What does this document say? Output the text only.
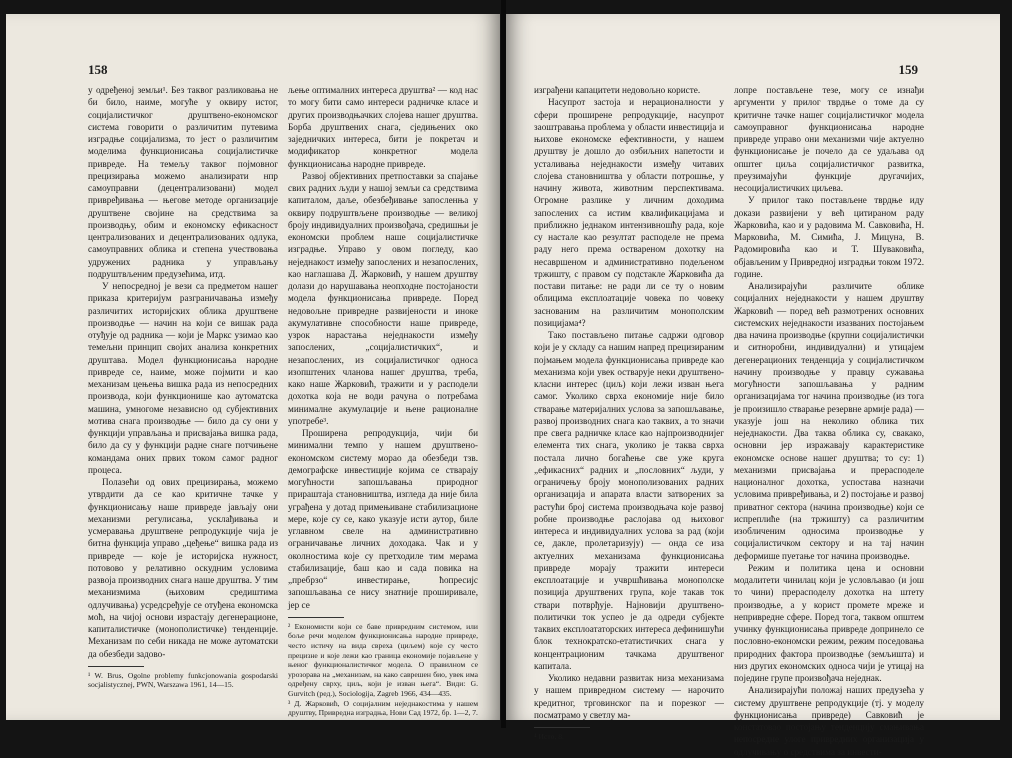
158

у одређеној земљи¹. Без таквог разликовања не би било, наиме, могуће у оквиру истог, социјалистичког друштвено-економског система говорити о различитим путевима изградње социјализма, то јест о различитим моделима функционисања социјалистичке привреде. На темељу таквог појмовног прецизирања можемо анализирати нпр самоуправни (децентрализовани) модел привређивања — његове методе организације друштвене својине на средствима за производњу, обим и економску ефикасност централизованих и децентрализованих одлука, самоуправних облика и степена учествовања удружених радника у управљању подруштвљеним предузећима, итд.

У непосредној је вези са предметом нашег приказа критеријум разграничавања између различитих историјских облика друштвене производње — начин на који се вишак рада отуђује од радника — који је Маркс узимао као темељни принцип својих анализа конкретних друштава. Модел функционисања народне привреде се, наиме, може појмити и као механизам цењења вишка рада из непосредних производа, који функционише као аутоматска машина, умногоме независно од субјективних мотива снага производње — било да су они у функцији управљања и присвајања вишка рада, било да су у функцији радне снаге потчињене командама оних првих током самог радног процеса.

Полазећи од ових прецизирања, можемо утврдити да се као критичне тачке у функционисању наше привреде јављају они механизми регулисања, усклађивања и усмеравања друштвене репродукције чија је битна функција управо „цеђење“ вишка рада из привреде — које је историјска нужност, потовово у релативно оскудним условима развоја производних снага наше друштва. У тим механизмима (њиховим средиштима одлучивања) усредсређује се отуђена економска моћ, на чијој основи израстају дегенерационе, капиталистичке (монополистичке) тенденције. Механизам по себи никада не може аутоматски да обезбеди задово-

¹ W. Brus, Ogolne problemy funkcjonowania gospodarski socjalistycznej, PWN, Warszawa 1961, 14—15.

љење оптималних интереса друштва² — код нас то могу бити само интереси радничке класе и других производњачких слојева нашег друштва. Борба друштвених снага, сједињених око заједничких интереса, бити је покретач и модификатор конкретног модела функционисања народне привреде.

Развој објективних претпоставки за спајање свих радних људи у нашој земљи са средствима капиталом, даље, обезбеђивање запосленња у оквиру подруштвљене производње — великој броју индивидуалних произвођача, средишњи је економски проблем наше социјалистичке изградње. Управо у овом погледу, као неједнакост између запослених и незапослених, као наглашава Д. Жарковић, у нашем друштву долази до нарушавања неопходне постојаности модела функционисања привреде. Поред недовољне привредне развијености и иноке акумулативне способности наше привреде, узрок нарастања неједнакости између запослених, „социјалистичких“, и незапослених, из социјалистичког односа изопштених чланова нашег друштва, треба, како наше Жарковић, тражити и у расподели дохотка која не води рачуна о потребама минималне акумулације и њене рационалне употребе³.

Проширена репродукција, чији би минимални темпо у нашем друштвено-економском систему морао да обезбеди тзв. демографске инвестиције којима се стварају могућности запошљавања природног прираштаја становништва, изгледа да није била уграђена у дотад примењиване стабилизационе мере, које су се, како указује исти аутор, биле углавном свеле на административно ограничавање личних доходака. Чак и у околностима које су претходиле тим мерама стабилизације, баш као и сада повика на „пребрзо“ инвестирање, ћопресијс запошљавања се нису знатније проширивале, јер се

² Економисти који се баве привредним системом, или боље речи моделом функционисања народне привреде, често истичу на вида свреха (циљем) које су често прецизне и које лежи као граница економије појављене у њеног функционалистичког модела. О правилном се урозорава на „механизам, на како саврешен био, увек има одређену сврху, циљ, који је изван њега“. Види: G. Gurvitch (ред.), Sociologija, Zagreb 1966, 434—435.

³ Д. Жарковић, О социјалним неједнакостима у нашем друштву, Привредна изградња, Нови Сад 1972, бр. 1—2, 7.

159

изграђени капацитети недовољно користе.

Насупрот застоја и нерационалности у сфери проширене репродукције, насупрот заоштравања проблема у области инвестиција и њихове економске ефективности, у нашем друштву је дошло до озбиљних напетости и усталивања неједнакости између читавих слојева становништва у области потрошње, у начину живота, животним перспективама. Огромне разлике у личним доходима запослених са истим квалификацијама и приближно једнаком интензивношћу рада, које су настале као резултат расподеле не према раду него према оствареном дохотку на несавршеном и административно подељеном тржишту, с правом су подстакле Жарковића да постави питање: не ради ли се ту о новим облицима експлоатације човека по човеку заснованим на различитим монополским позицијама⁴?

Тако постављено питање садржи одговор који је у складу са нашим напред прецизираним појмањем модела функционисања привреде као механизма који увек остварује неки друштвено-класни интерес (циљ) који лежи изван њега самог. Уколико сврха економије није било стварање материјалних услова за запошљавање, развој производних снага као таквих, а то значи пре свега радничке класе као најпроизводнијег елемента тих снага, уколико је таква сврха постала лично богаћење све уже круга „ефикасних“ радних и „пословних“ људи, у ограничењу броју монополизованих радних организација и апарата власти затворених за растући број система производњача које развој робне производње раслојава од њиховог интереса и индивидуалних услова за рад (који се, дакле, пролетаризују) — онда се иза актуелних механизама функционисања привреде морају тражити интереси експлоатације и учвршћивања монополске позиција друштвених група, које такав ток ствари потврђује. Најновији друштвено-политички ток успео је да одреди субјекте таквих експлоататорских интереса дефинишући блок технократско-етатистичких снага у концентрационим тачкама друштвеног капитала.

Уколико недавни развитак низа механизама у нашем привредном систему — нарочито кредитног, трговинског па и порезког — посматрамо у светлу ма-

⁴ Исто, 8.

лопре постављене тезе, могу се изнађи аргументи у прилог тврдње о томе да су критичне тачке нашег социјалистичког модела самоуправног функционисања народне привреде управо они механизми чије актуелно функционисање је почело да се удаљава од општег циља социјалистичког развитка, преузимајући функције другачијих, несоцијалистичких циљева.

У прилог тако постављене тврдње иду докази развијени у већ цитираном раду Жарковића, као и у радовима М. Савковића, Н. Марковића, М. Симића, Ј. Мицуна, В. Радомировића као и Т. Шуваковића, објављеним у Привредној изградњи током 1972. године.

Анализирајући различите облике социјалних неједнакости у нашем друштву Жарковић — поред већ размотрених основних системских неједнакости изазваних постојањем два начина производње (крупни социјалистички и ситноробни, индивидуални) и утицајем дегенерационих тенденција у социјалистичком начину производње у правцу сужавања могућности запошљавања у радним организацијама тог начина производње (из тога је произишло стварање резервне армије рада) — указује још на неколико облика тих неједнакости. Два таква облика су, свакако, основни јер изражавају карактеристике економске основе нашег друштва; то су: 1) механизми присвајања и прерасподеле националног дохотка, успостава назначи условима привређивања, и 2) постојање и развој приватног сектора (начина производње) који се испреплиће (на тржишту) са различитим изобличеним односима производње у социјалистичком сектору и на тај начин деформише пуетање тог начина производње.

Режим и политика цена и основни модалитети чинилац који је условљавао (и још то чини) прерасподелу дохотка на штету производње, а у корист промете мреже и непривредне сфере. Поред тога, таквом општем учинку функционисања привреде допринело се пословно-економски режим, режим поседовања природних фактора производње (земљишта) и низ других економских односа чији је утицај на поједине групе произвођача неједнак.

Анализирајући положај наших предузећа у систему друштвене репродукције (тј. у моделу функционисања привреде) Савковић је констатовао постојању тенденцију смањивања непосредне улоге привредних организација у одлучивању о средствима за инвести-
